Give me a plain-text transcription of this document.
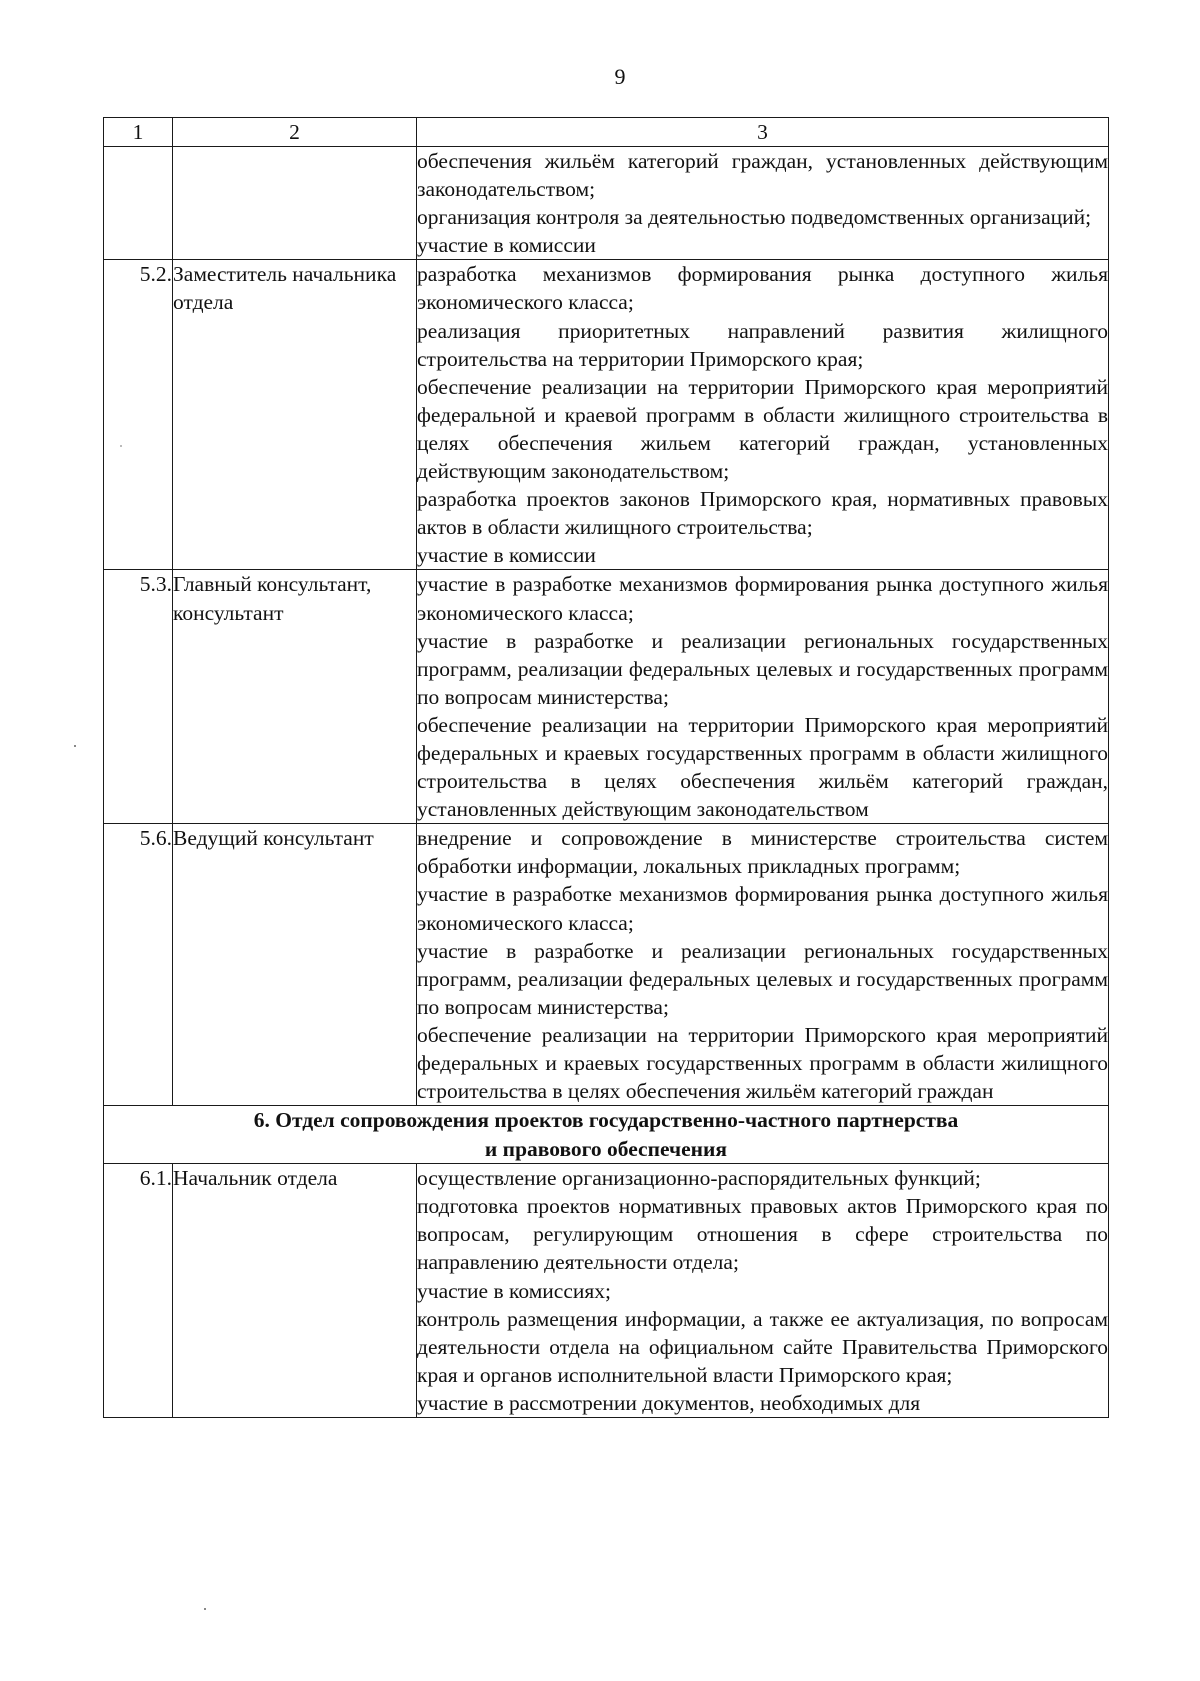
9
1	2	3

		обеспечения жильём категорий граждан, установленных действующим законодательством;

организация контроля за деятельностью подведомственных организаций;

участие в комиссии

5.2.	Заместитель начальника отдела	разработка механизмов формирования рынка доступного жилья экономического класса;

реализация приоритетных направлений развития жилищного строительства на территории Приморского края;

обеспечение реализации на территории Приморского края мероприятий федеральной и краевой программ в области жилищного строительства в целях обеспечения жильем категорий граждан, установленных действующим законодательством;

разработка проектов законов Приморского края, нормативных правовых актов в области жилищного строительства;

участие в комиссии

5.3.	Главный консультант, консультант	участие в разработке механизмов формирования рынка доступного жилья экономического класса;

участие в разработке и реализации региональных государственных программ, реализации федеральных целевых и государственных программ по вопросам министерства;

обеспечение реализации на территории Приморского края мероприятий федеральных и краевых государственных программ в области жилищного строительства в целях обеспечения жильём категорий граждан, установленных действующим законодательством

5.6.	Ведущий консультант	внедрение и сопровождение в министерстве строительства систем обработки информации, локальных прикладных программ;

участие в разработке механизмов формирования рынка доступного жилья экономического класса;

участие в разработке и реализации региональных государственных программ, реализации федеральных целевых и государственных программ по вопросам министерства;

обеспечение реализации на территории Приморского края мероприятий федеральных и краевых государственных программ в области жилищного строительства в целях обеспечения жильём категорий граждан

6. Отдел сопровождения проектов государственно-частного партнерства
и правового обеспечения		

6.1.	Начальник отдела	осуществление организационно-распорядительных функций;

подготовка проектов нормативных правовых актов Приморского края по вопросам, регулирующим отношения в сфере строительства по направлению деятельности отдела;

участие в комиссиях;

контроль размещения информации, а также ее актуализация, по вопросам деятельности отдела на официальном сайте Правительства Приморского края и органов исполнительной власти Приморского края;

участие в рассмотрении документов, необходимых для
